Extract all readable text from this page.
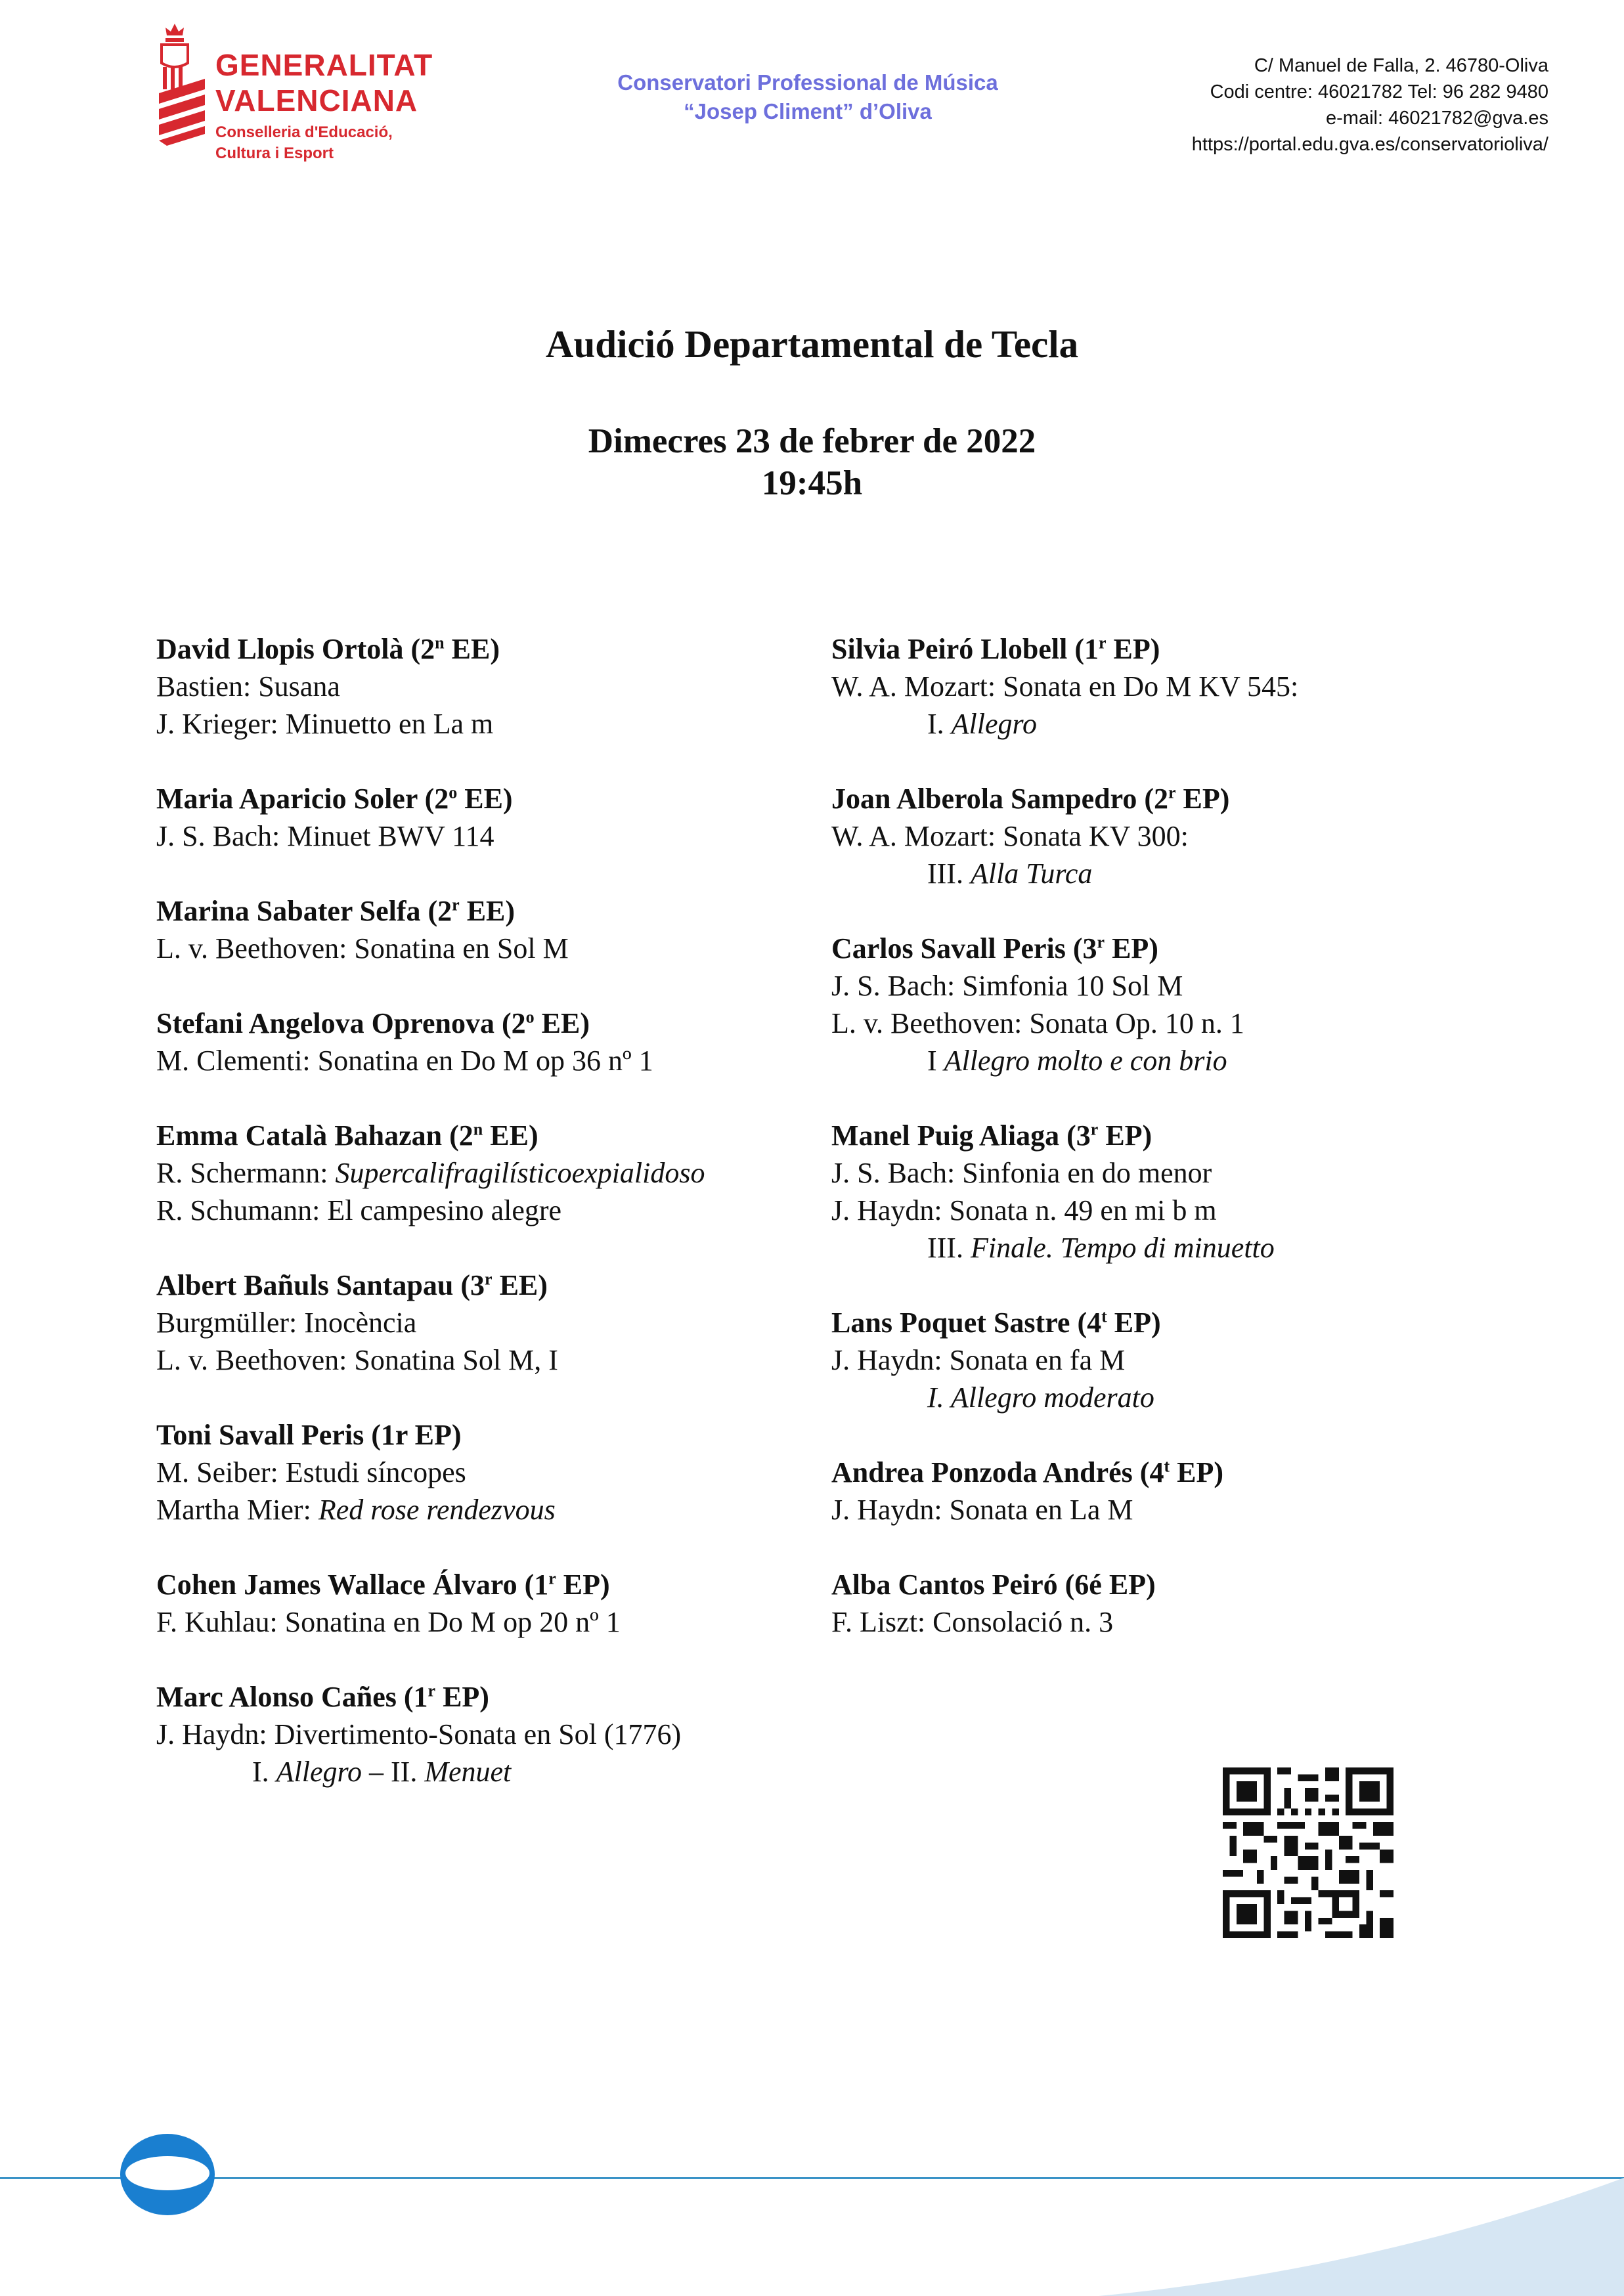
GENERALITAT
VALENCIANA
Conselleria d'Educació,
Cultura i Esport
Conservatori Professional de Música
“Josep Climent” d’Oliva
C/ Manuel de Falla, 2. 46780-Oliva
Codi centre: 46021782 Tel: 96 282 9480
e-mail: 46021782@gva.es
https://portal.edu.gva.es/conservatorioliva/
Audició Departamental de Tecla
Dimecres 23 de febrer de 2022
19:45h
David Llopis Ortolà (2$^n$ EE)
Bastien: Susana
J. Krieger: Minuetto en La m
Maria Aparicio Soler (2$^o$ EE)
J. S. Bach: Minuet BWV 114
Marina Sabater Selfa (2$^r$ EE)
L. v. Beethoven: Sonatina en Sol M
Stefani Angelova Oprenova (2$^o$ EE)
M. Clementi: Sonatina en Do M op 36 nº 1
Emma Català Bahazan (2$^n$ EE)
R. Schermann: Supercalifragilísticoexpialidoso
R. Schumann: El campesino alegre
Albert Bañuls Santapau (3$^r$ EE)
Burgmüller: Inocència
L. v. Beethoven: Sonatina Sol M, I
Toni Savall Peris (1r EP)
M. Seiber: Estudi síncopes
Martha Mier: Red rose rendezvous
Cohen James Wallace Álvaro (1$^r$ EP)
F. Kuhlau: Sonatina en Do M op 20 nº 1
Marc Alonso Cañes (1$^r$ EP)
J. Haydn: Divertimento-Sonata en Sol (1776)
I. Allegro – II. Menuet
Silvia Peiró Llobell (1$^r$ EP)
W. A. Mozart: Sonata en Do M KV 545:
I. Allegro
Joan Alberola Sampedro (2$^r$ EP)
W. A. Mozart: Sonata KV 300:
III. Alla Turca
Carlos Savall Peris (3$^r$ EP)
J. S. Bach: Simfonia 10 Sol M
L. v. Beethoven: Sonata Op. 10 n. 1
I Allegro molto e con brio
Manel Puig Aliaga (3$^r$ EP)
J. S. Bach: Sinfonia en do menor
J. Haydn: Sonata n. 49 en mi b m
III. Finale. Tempo di minuetto
Lans Poquet Sastre (4$^t$ EP)
J. Haydn: Sonata en fa M
I. Allegro moderato
Andrea Ponzoda Andrés (4$^t$ EP)
J. Haydn: Sonata en La M
Alba Cantos Peiró (6é EP)
F. Liszt: Consolació n. 3
